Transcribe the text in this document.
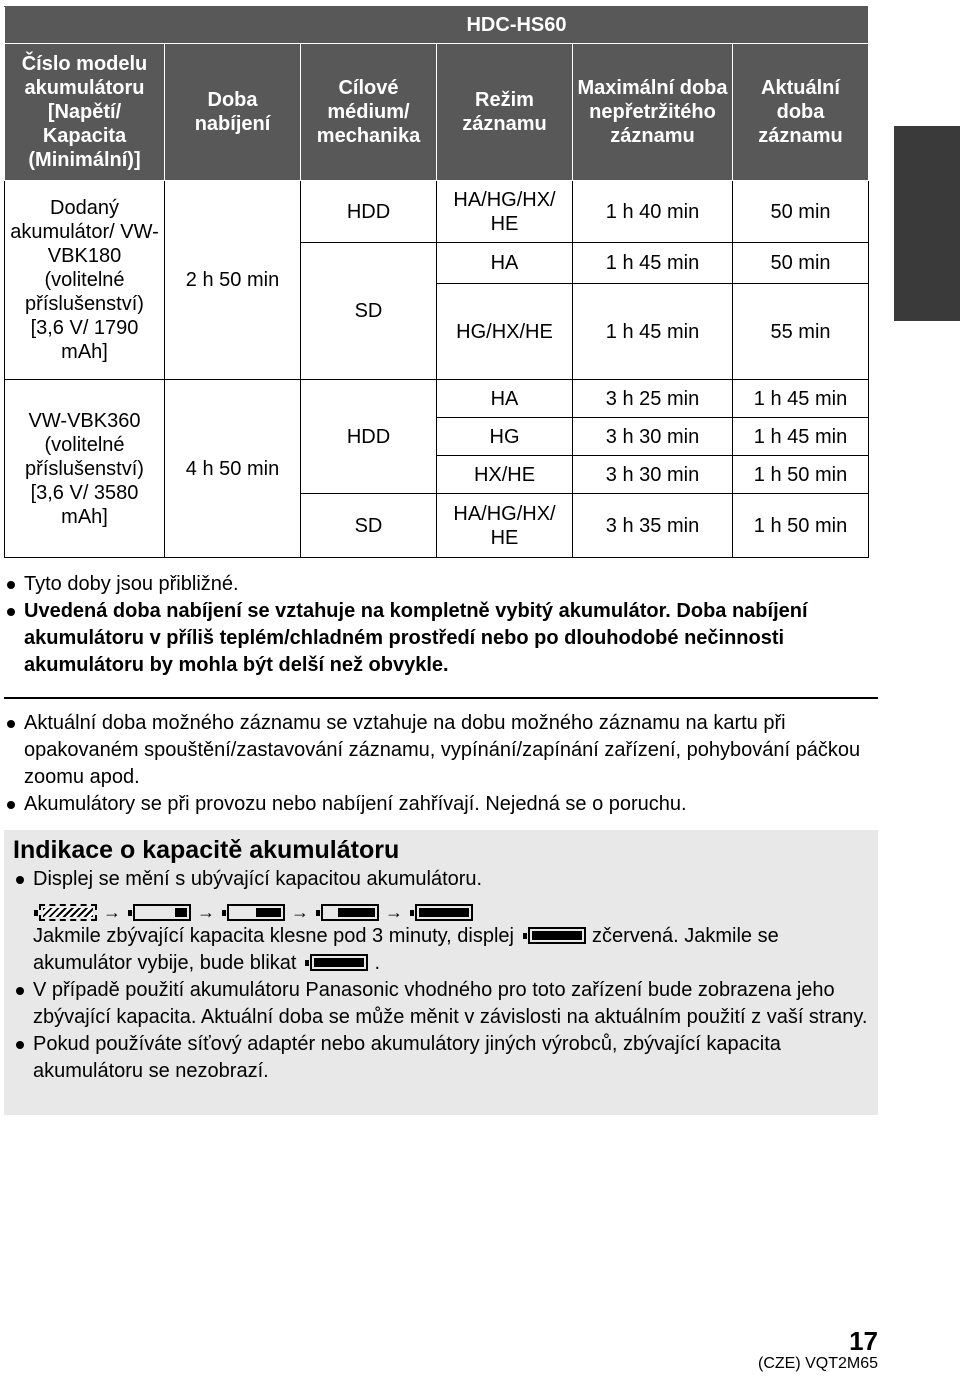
	HDC-HS60				
Číslo modelu akumulátoru [Napětí/ Kapacita (Minimální)]	Doba nabíjení	Cílové médium/ mechanika	Režim záznamu	Maximální doba nepřetržitého záznamu	Aktuální doba záznamu
Dodaný akumulátor/ VW-VBK180 (volitelné příslušenství) [3,6 V/ 1790 mAh]	2 h 50 min	HDD	HA/HG/HX/ HE	1 h 40 min	50 min
		SD	HA	1 h 45 min	50 min
			HG/HX/HE	1 h 45 min	55 min
VW-VBK360 (volitelné příslušenství) [3,6 V/ 3580 mAh]	4 h 50 min	HDD	HA	3 h 25 min	1 h 45 min
			HG	3 h 30 min	1 h 45 min
			HX/HE	3 h 30 min	1 h 50 min
		SD	HA/HG/HX/ HE	3 h 35 min	1 h 50 min
Tyto doby jsou přibližné.
Uvedená doba nabíjení se vztahuje na kompletně vybitý akumulátor. Doba nabíjení akumulátoru v příliš teplém/chladném prostředí nebo po dlouhodobé nečinnosti akumulátoru by mohla být delší než obvykle.
Aktuální doba možného záznamu se vztahuje na dobu možného záznamu na kartu při opakovaném spouštění/zastavování záznamu, vypínání/zapínání zařízení, pohybování páčkou zoomu apod.
Akumulátory se při provozu nebo nabíjení zahřívají. Nejedná se o poruchu.
Indikace o kapacitě akumulátoru
Displej se mění s ubývající kapacitou akumulátoru.
→	→	→	→
Jakmile zbývající kapacita klesne pod 3 minuty, displej	zčervená. Jakmile se akumulátor vybije, bude blikat	.
V případě použití akumulátoru Panasonic vhodného pro toto zařízení bude zobrazena jeho zbývající kapacita. Aktuální doba se může měnit v závislosti na aktuálním použití z vaší strany.
Pokud používáte síťový adaptér nebo akumulátory jiných výrobců, zbývající kapacita akumulátoru se nezobrazí.
17
(CZE) VQT2M65
